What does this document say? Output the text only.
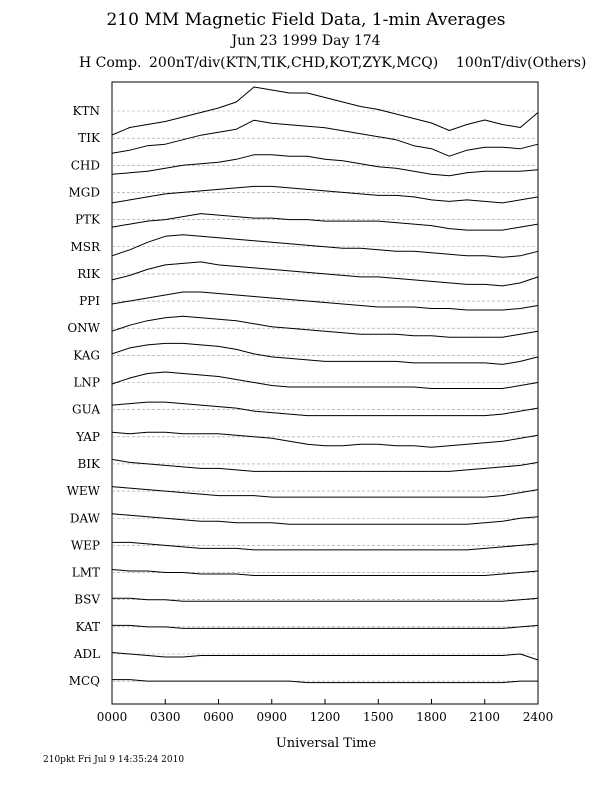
210 MM Magnetic Field Data, 1-min Averages
Jun 23 1999 Day 174
H Comp. 200nT/div(KTN,TIK,CHD,KOT,ZYK,MCQ) 100nT/div(Others)
KTN
TIK
CHD
MGD
PTK
MSR
RIK
PPI
ONW
KAG
LNP
GUA
YAP
BIK
WEW
DAW
WEP
LMT
BSV
KAT
ADL
MCQ
0000 0300 0600 0900 1200 1500 1800 2100 2400
Universal Time
210pkt Fri Jul 9 14:35:24 2010
